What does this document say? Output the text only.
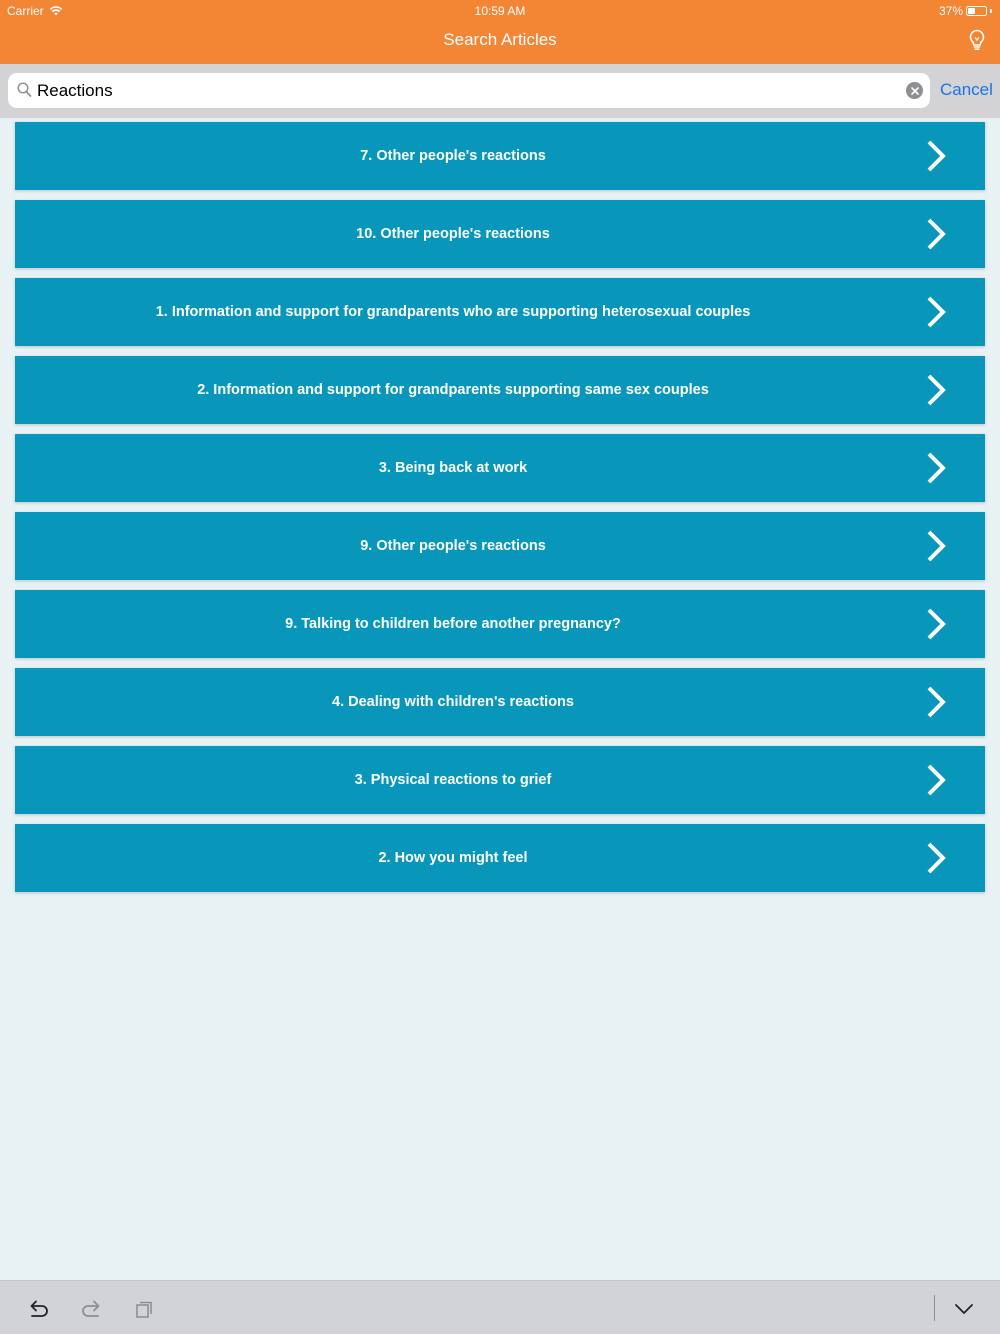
Carrier	10:59 AM	37%
Search Articles
Reactions
Cancel
7. Other people's reactions
10. Other people's reactions
1. Information and support for grandparents who are supporting heterosexual couples
2. Information and support for grandparents supporting same sex couples
3. Being back at work
9. Other people's reactions
9. Talking to children before another pregnancy?
4. Dealing with children's reactions
3. Physical reactions to grief
2. How you might feel
